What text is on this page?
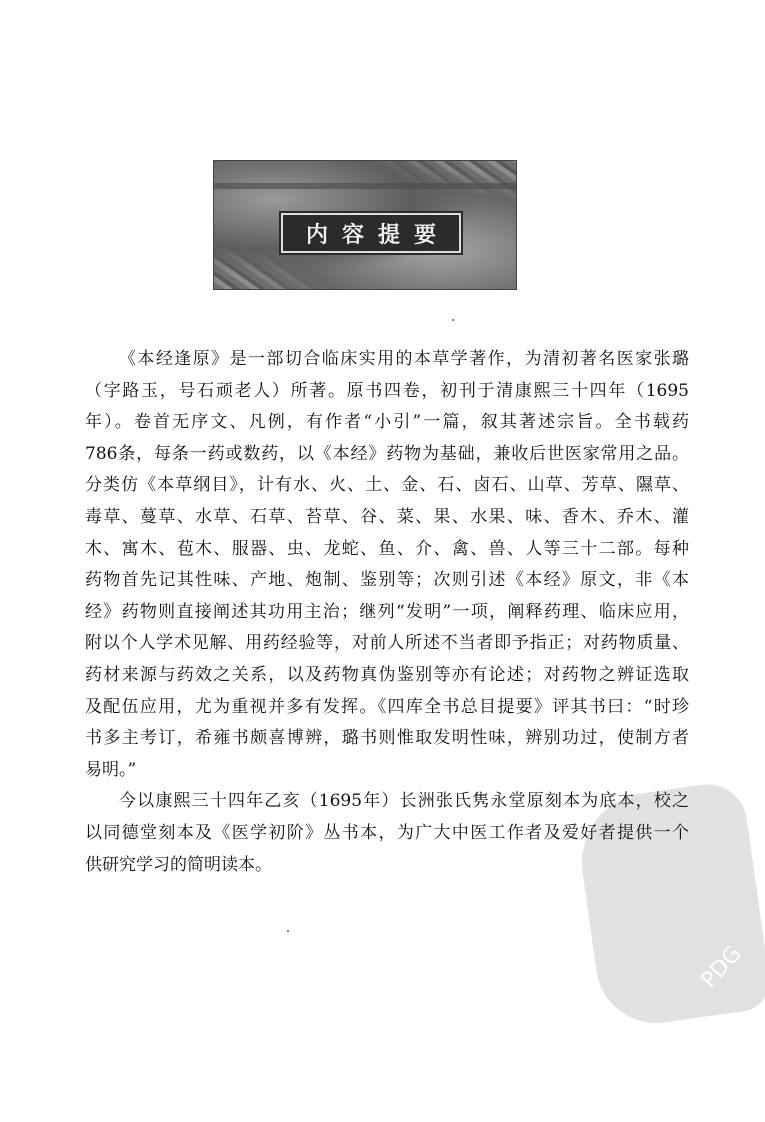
内容提要
PDG
《本经逢原》是一部切合临床实用的本草学著作，为清初著名医家张璐
（字路玉，号石顽老人）所著。原书四卷，初刊于清康熙三十四年（1695
年）。卷首无序文、凡例，有作者“小引”一篇，叙其著述宗旨。全书载药
786条，每条一药或数药，以《本经》药物为基础，兼收后世医家常用之品。
分类仿《本草纲目》，计有水、火、土、金、石、卤石、山草、芳草、隰草、
毒草、蔓草、水草、石草、苔草、谷、菜、果、水果、味、香木、乔木、灌
木、寓木、苞木、服器、虫、龙蛇、鱼、介、禽、兽、人等三十二部。每种
药物首先记其性味、产地、炮制、鉴别等；次则引述《本经》原文，非《本
经》药物则直接阐述其功用主治；继列“发明”一项，阐释药理、临床应用，
附以个人学术见解、用药经验等，对前人所述不当者即予指正；对药物质量、
药材来源与药效之关系，以及药物真伪鉴别等亦有论述；对药物之辨证选取
及配伍应用，尤为重视并多有发挥。《四库全书总目提要》评其书曰：“时珍
书多主考订，希雍书颇喜博辨，璐书则惟取发明性味，辨别功过，使制方者
易明。”
今以康熙三十四年乙亥（1695年）长洲张氏隽永堂原刻本为底本，校之
以同德堂刻本及《医学初阶》丛书本，为广大中医工作者及爱好者提供一个
供研究学习的简明读本。
